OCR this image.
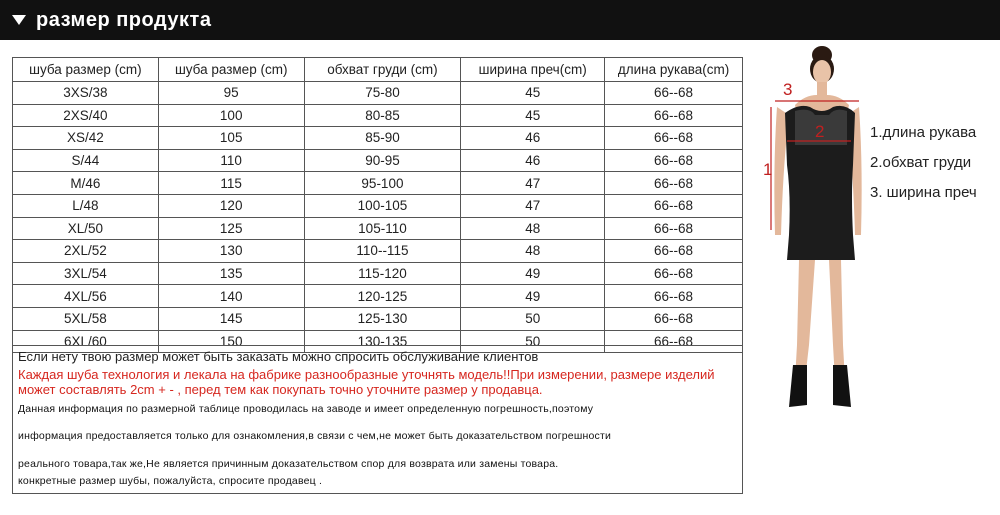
размер продукта
шуба размер (cm)	шуба размер (cm)	обхват груди (cm)	ширина преч(cm)	длина рукава(cm)
3XS/38	95	75-80	45	66--68
2XS/40	100	80-85	45	66--68
XS/42	105	85-90	46	66--68
S/44	110	90-95	46	66--68
M/46	115	95-100	47	66--68
L/48	120	100-105	47	66--68
XL/50	125	105-110	48	66--68
2XL/52	130	110--115	48	66--68
3XL/54	135	115-120	49	66--68
4XL/56	140	120-125	49	66--68
5XL/58	145	125-130	50	66--68
6XL/60	150	130-135	50	66--68
Если нету твою размер может быть заказать можно спросить обслуживание клиентов
Каждая шуба технология и лекала на фабрике разнообразные уточнять модель!!При измерении, размере изделий может составлять 2cm + - , перед тем как покупать точно уточните размер у продавца.
Данная информация по размерной таблице проводилась на заводе и имеет определенную погрешность,поэтому
информация предоставляется только для ознакомления,в связи с чем,не может быть доказательством погрешности
реального товара,так же,Не является причинным доказательством спор для возврата или замены товара.
конкретные размер шубы, пожалуйста, спросите продавец .
3
2
1
1.длина рукава
2.обхват груди
3. ширина преч
